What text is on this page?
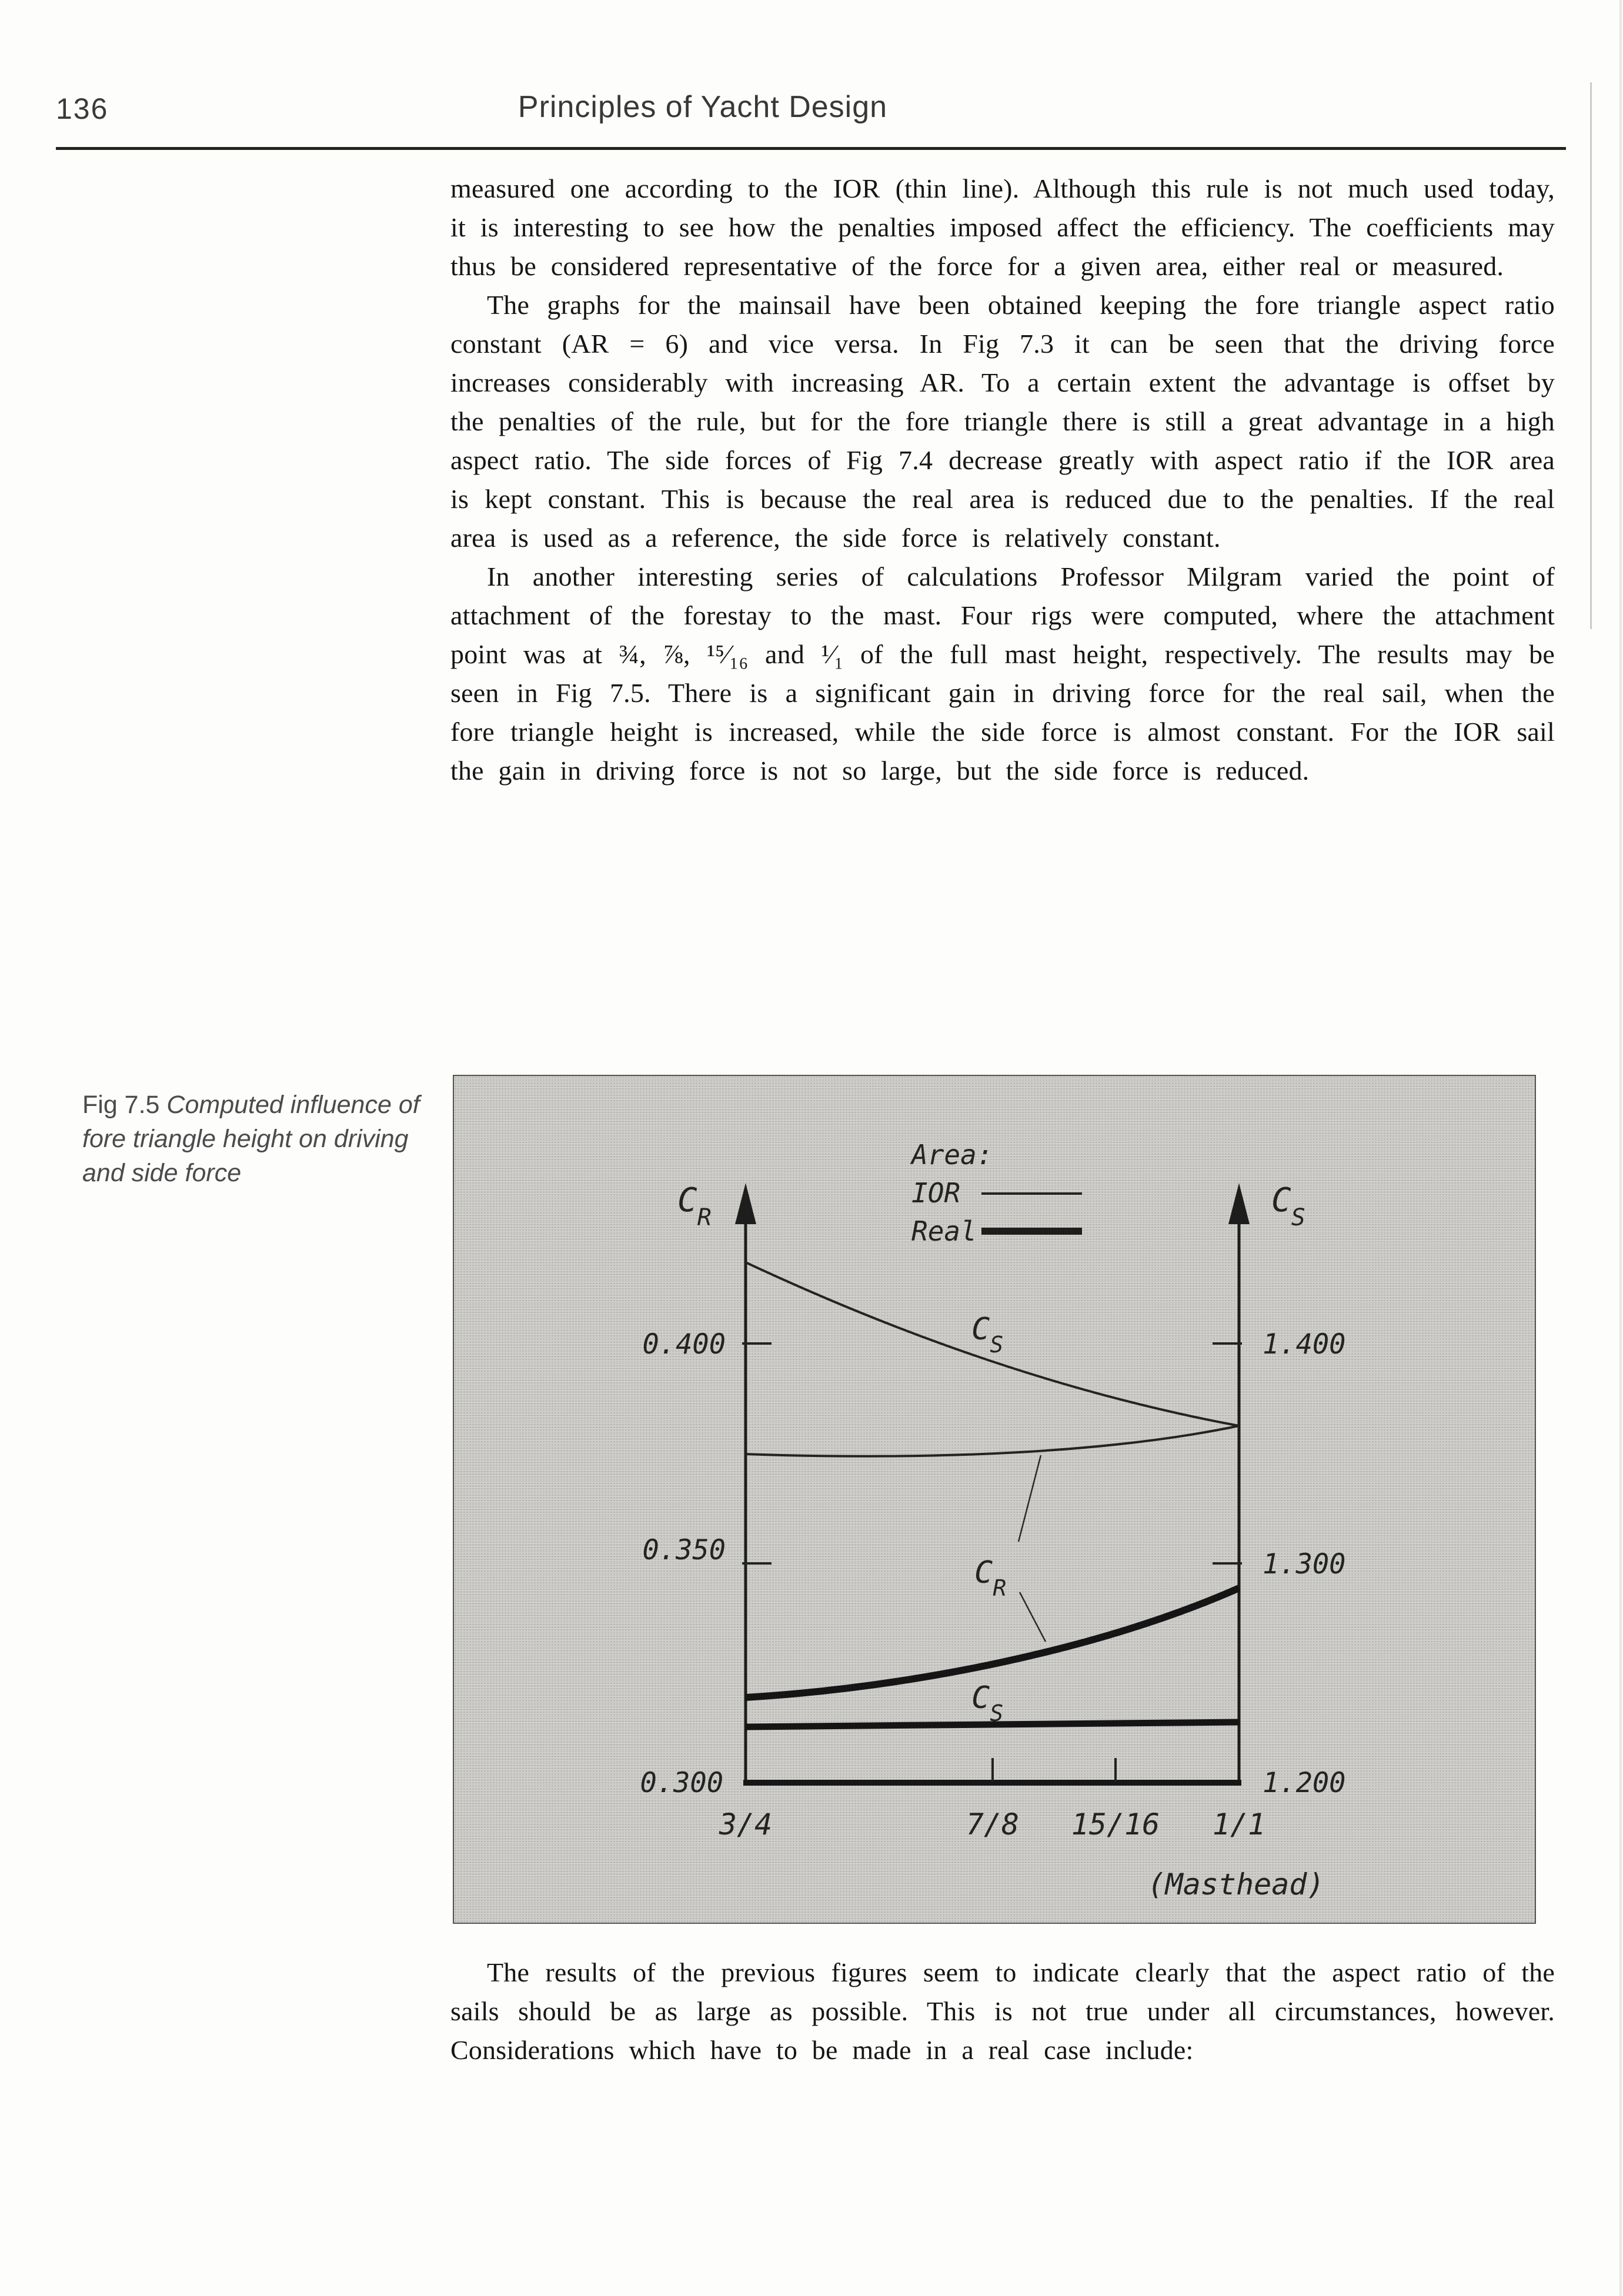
136	Principles of Yacht Design

measured one according to the IOR (thin line). Although this rule is not much used today, it is interesting to see how the penalties imposed affect the efficiency. The coefficients may thus be considered representative of the force for a given area, either real or measured.

The graphs for the mainsail have been obtained keeping the fore triangle aspect ratio constant (AR = 6) and vice versa. In Fig 7.3 it can be seen that the driving force increases considerably with increasing AR. To a certain extent the advantage is offset by the penalties of the rule, but for the fore triangle there is still a great advantage in a high aspect ratio. The side forces of Fig 7.4 decrease greatly with aspect ratio if the IOR area is kept constant. This is because the real area is reduced due to the penalties. If the real area is used as a reference, the side force is relatively constant.

In another interesting series of calculations Professor Milgram varied the point of attachment of the forestay to the mast. Four rigs were computed, where the attachment point was at ¾, ⅞, ¹⁵⁄₁₆ and ¹⁄₁ of the full mast height, respectively. The results may be seen in Fig 7.5. There is a significant gain in driving force for the real sail, when the fore triangle height is increased, while the side force is almost constant. For the IOR sail the gain in driving force is not so large, but the side force is reduced.

Fig 7.5 Computed influence of fore triangle height on driving and side force
Area:
IOR
Real
$C_R$	$C_S$
0.400
0.350
0.300
1.400
1.300
1.200
3/4	7/8 15/16 1/1
(Masthead)
$C_S$
$C_R$
$C_S$

The results of the previous figures seem to indicate clearly that the aspect ratio of the sails should be as large as possible. This is not true under all circumstances, however. Considerations which have to be made in a real case include:
